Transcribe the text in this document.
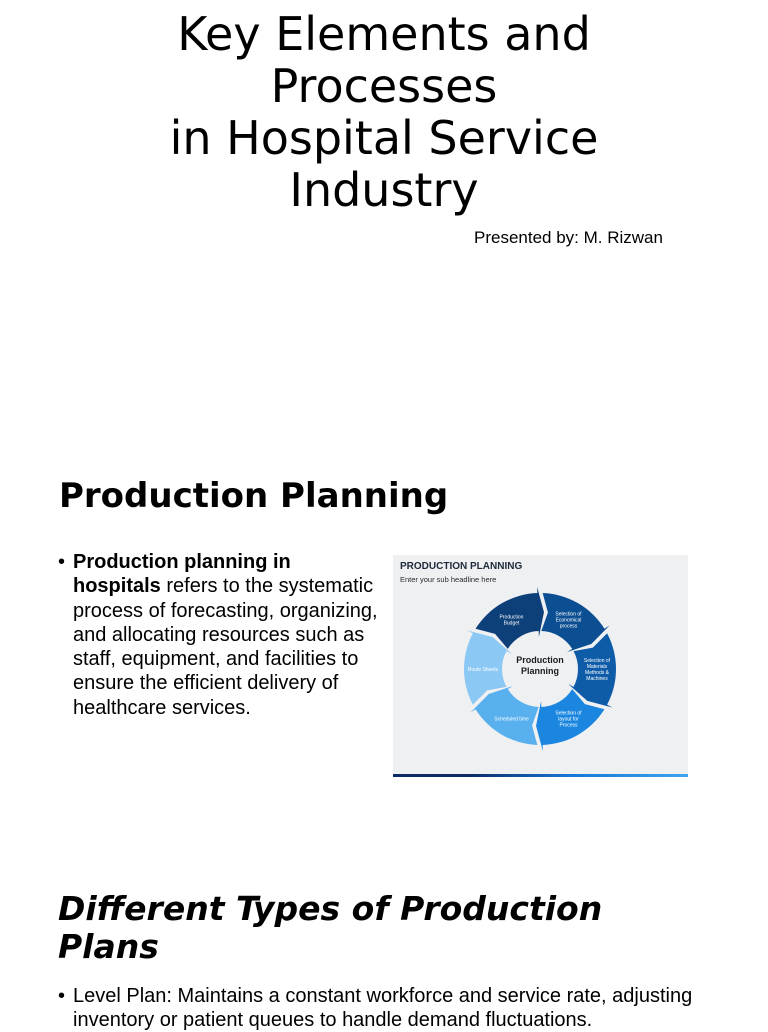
Key Elements and
Processes
in Hospital Service
Industry
Presented by: M. Rizwan
Production Planning
• Production planning in hospitals refers to the systematic process of forecasting, organizing, and allocating resources such as staff, equipment, and facilities to ensure the efficient delivery of healthcare services.
PRODUCTION PLANNING
Enter your sub headline here
Production Budget
Selection of Economical process
Selection of Materials Methods & Machines
Selection of layout for Process
Scheduled time
Route Sheets
Production
Planning
Different Types of Production Plans
• Level Plan: Maintains a constant workforce and service rate, adjusting inventory or patient queues to handle demand fluctuations.
